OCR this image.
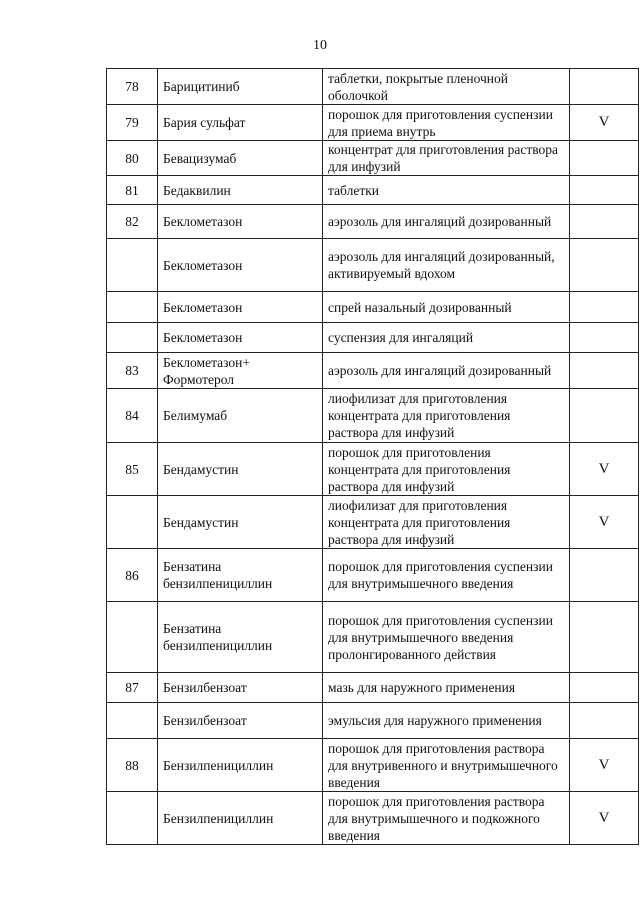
10
78	Барицитиниб	таблетки, покрытые пленочной оболочкой	
79	Бария сульфат	порошок для приготовления суспензии для приема внутрь	V
80	Бевацизумаб	концентрат для приготовления раствора для инфузий	
81	Бедаквилин	таблетки	
82	Беклометазон	аэрозоль для ингаляций дозированный	
	Беклометазон	аэрозоль для ингаляций дозированный, активируемый вдохом	
	Беклометазон	спрей назальный дозированный	
	Беклометазон	суспензия для ингаляций	
83	Беклометазон+ Формотерол	аэрозоль для ингаляций дозированный	
84	Белимумаб	лиофилизат для приготовления концентрата для приготовления раствора для инфузий	
85	Бендамустин	порошок для приготовления концентрата для приготовления раствора для инфузий	V
	Бендамустин	лиофилизат для приготовления концентрата для приготовления раствора для инфузий	V
86	Бензатина бензилпенициллин	порошок для приготовления суспензии для внутримышечного введения	
	Бензатина бензилпенициллин	порошок для приготовления суспензии для внутримышечного введения пролонгированного действия	
87	Бензилбензоат	мазь для наружного применения	
	Бензилбензоат	эмульсия для наружного применения	
88	Бензилпенициллин	порошок для приготовления раствора для внутривенного и внутримышечного введения	V
	Бензилпенициллин	порошок для приготовления раствора для внутримышечного и подкожного введения	V
